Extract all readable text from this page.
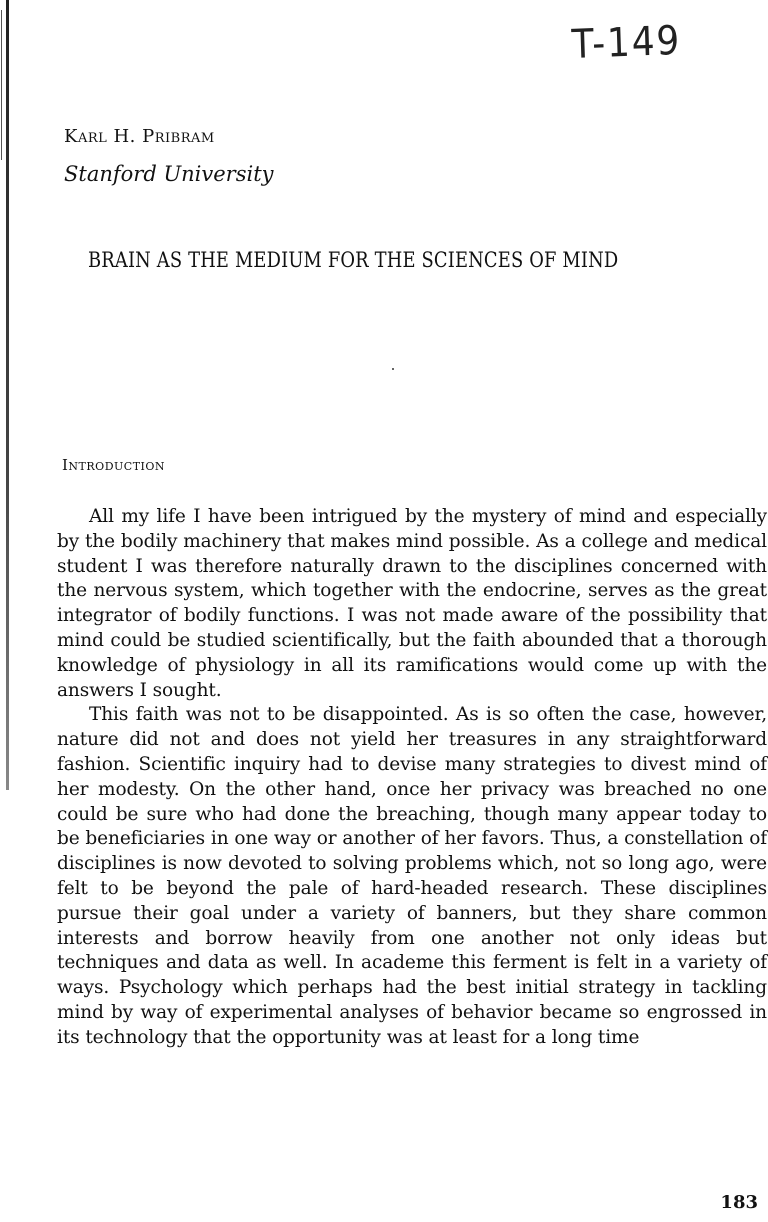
T-149
Karl H. Pribram
Stanford University
BRAIN AS THE MEDIUM FOR THE SCIENCES OF MIND
Introduction

All my life I have been intrigued by the mystery of mind and especially by the bodily machinery that makes mind possible. As a college and medical student I was therefore naturally drawn to the disciplines concerned with the nervous system, which together with the endocrine, serves as the great integrator of bodily functions. I was not made aware of the possibility that mind could be studied scientifically, but the faith abounded that a thorough knowledge of physiology in all its ramifications would come up with the answers I sought.

This faith was not to be disappointed. As is so often the case, however, nature did not and does not yield her treasures in any straightforward fashion. Scientific inquiry had to devise many strategies to divest mind of her modesty. On the other hand, once her privacy was breached no one could be sure who had done the breaching, though many appear today to be beneficiaries in one way or another of her favors. Thus, a constellation of disciplines is now devoted to solving problems which, not so long ago, were felt to be beyond the pale of hard-headed research. These disciplines pursue their goal under a variety of banners, but they share common interests and borrow heavily from one another not only ideas but techniques and data as well. In academe this ferment is felt in a variety of ways. Psychology which perhaps had the best initial strategy in tackling mind by way of experimental analyses of behavior became so engrossed in its technology that the opportunity was at least for a long time

183
